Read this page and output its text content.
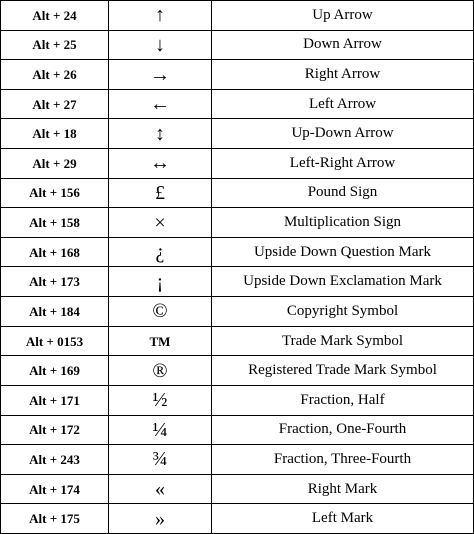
Alt + 24	↑	Up Arrow
Alt + 25	↓	Down Arrow
Alt + 26	→	Right Arrow
Alt + 27	←	Left Arrow
Alt + 18	↕	Up-Down Arrow
Alt + 29	↔	Left-Right Arrow
Alt + 156	£	Pound Sign
Alt + 158	×	Multiplication Sign
Alt + 168	¿	Upside Down Question Mark
Alt + 173	¡	Upside Down Exclamation Mark
Alt + 184	©	Copyright Symbol
Alt + 0153	TM	Trade Mark Symbol
Alt + 169	®	Registered Trade Mark Symbol
Alt + 171	½	Fraction, Half
Alt + 172	¼	Fraction, One-Fourth
Alt + 243	¾	Fraction, Three-Fourth
Alt + 174	«	Right Mark
Alt + 175	»	Left Mark
